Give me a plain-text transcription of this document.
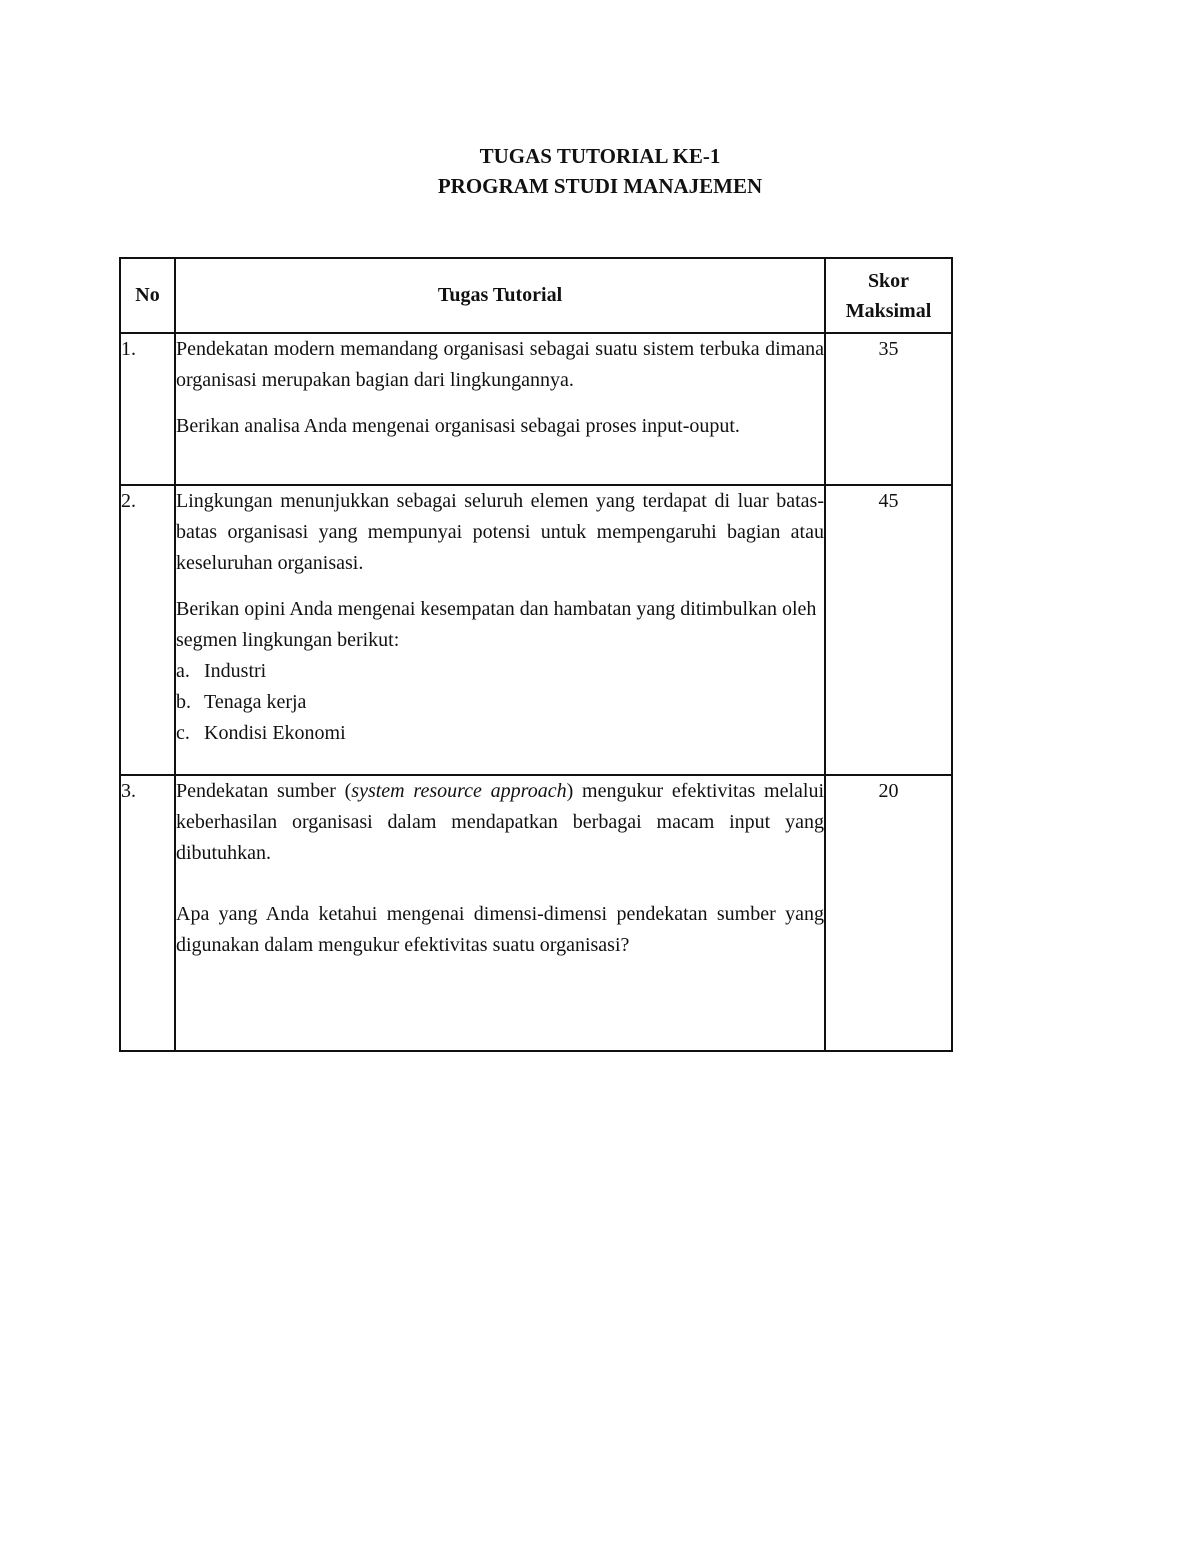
TUGAS TUTORIAL KE-1
PROGRAM STUDI MANAJEMEN
No	Tugas Tutorial	Skor
Maksimal

1.	Pendekatan modern memandang organisasi sebagai suatu sistem terbuka dimana organisasi merupakan bagian dari lingkungannya.

Berikan analisa Anda mengenai organisasi sebagai proses input-ouput.	35
2.	Lingkungan menunjukkan sebagai seluruh elemen yang terdapat di luar batas-batas organisasi yang mempunyai potensi untuk mempengaruhi bagian atau keseluruhan organisasi.

Berikan opini Anda mengenai kesempatan dan hambatan yang ditimbulkan oleh segmen lingkungan berikut:

a. Industri
b. Tenaga kerja
c. Kondisi Ekonomi
	45
3.	Pendekatan sumber (system resource approach) mengukur efektivitas melalui keberhasilan organisasi dalam mendapatkan berbagai macam input yang dibutuhkan.

Apa yang Anda ketahui mengenai dimensi-dimensi pendekatan sumber yang digunakan dalam mengukur efektivitas suatu organisasi?	20
